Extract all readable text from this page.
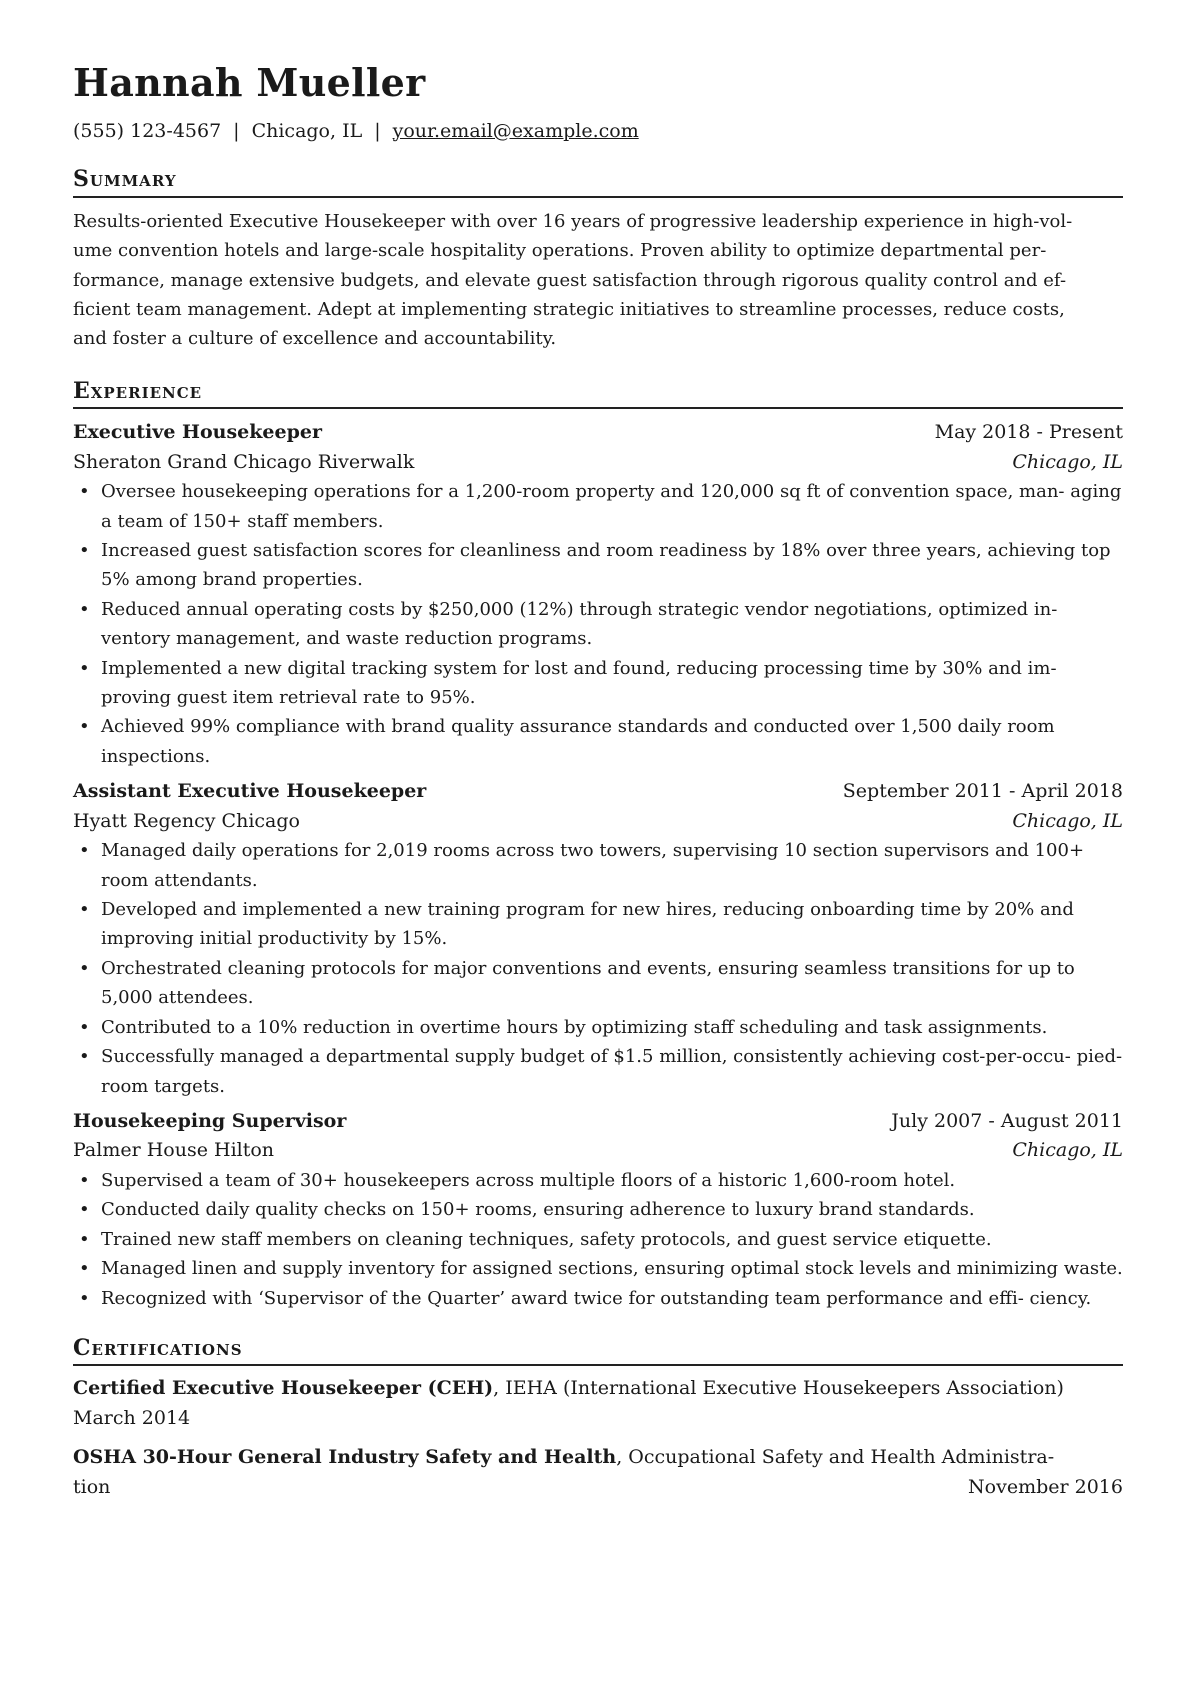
Hannah Mueller
(555) 123-4567 | Chicago, IL | your.email@example.com
Summary
Results-oriented Executive Housekeeper with over 16 years of progressive leadership experience in high-vol-
ume convention hotels and large-scale hospitality operations. Proven ability to optimize departmental per-
formance, manage extensive budgets, and elevate guest satisfaction through rigorous quality control and ef-
ficient team management. Adept at implementing strategic initiatives to streamline processes, reduce costs,
and foster a culture of excellence and accountability.
Experience
Executive Housekeeper	May 2018 - Present
Sheraton Grand Chicago Riverwalk	Chicago, IL
• Oversee housekeeping operations for a 1,200-room property and 120,000 sq ft of convention space, man- aging a team of 150+ staff members.
• Increased guest satisfaction scores for cleanliness and room readiness by 18% over three years, achieving top 5% among brand properties.
• Reduced annual operating costs by $250,000 (12%) through strategic vendor negotiations, optimized in- ventory management, and waste reduction programs.
• Implemented a new digital tracking system for lost and found, reducing processing time by 30% and im- proving guest item retrieval rate to 95%.
• Achieved 99% compliance with brand quality assurance standards and conducted over 1,500 daily room inspections.
Assistant Executive Housekeeper	September 2011 - April 2018
Hyatt Regency Chicago	Chicago, IL
• Managed daily operations for 2,019 rooms across two towers, supervising 10 section supervisors and 100+ room attendants.
• Developed and implemented a new training program for new hires, reducing onboarding time by 20% and improving initial productivity by 15%.
• Orchestrated cleaning protocols for major conventions and events, ensuring seamless transitions for up to 5,000 attendees.
• Contributed to a 10% reduction in overtime hours by optimizing staff scheduling and task assignments.
• Successfully managed a departmental supply budget of $1.5 million, consistently achieving cost-per-occu- pied-room targets.
Housekeeping Supervisor	July 2007 - August 2011
Palmer House Hilton	Chicago, IL
• Supervised a team of 30+ housekeepers across multiple floors of a historic 1,600-room hotel.
• Conducted daily quality checks on 150+ rooms, ensuring adherence to luxury brand standards.
• Trained new staff members on cleaning techniques, safety protocols, and guest service etiquette.
• Managed linen and supply inventory for assigned sections, ensuring optimal stock levels and minimizing waste.
• Recognized with ‘Supervisor of the Quarter’ award twice for outstanding team performance and effi- ciency.
Certifications
Certified Executive Housekeeper (CEH), IEHA (International Executive Housekeepers Association)
March 2014
OSHA 30-Hour General Industry Safety and Health, Occupational Safety and Health Administra-
tion	November 2016
